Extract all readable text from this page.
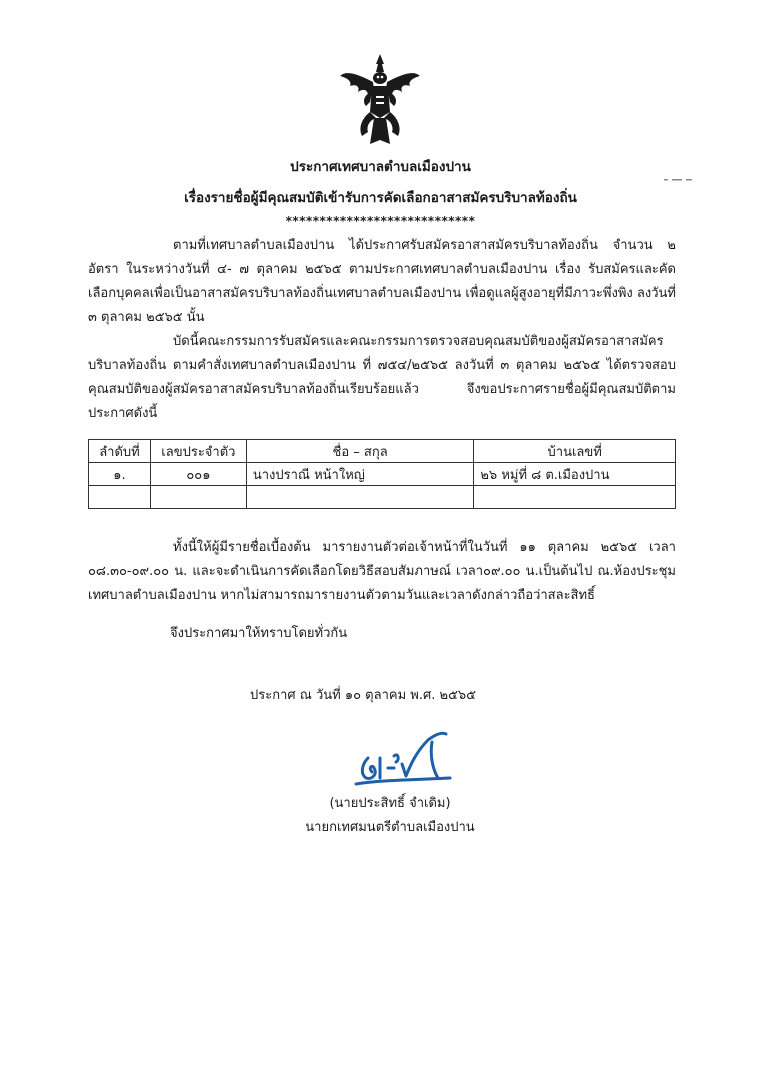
ประกาศเทศบาลตำบลเมืองปาน
เรื่องรายชื่อผู้มีคุณสมบัติเข้ารับการคัดเลือกอาสาสมัครบริบาลท้องถิ่น
****************************
ตามที่เทศบาลตำบลเมืองปาน ได้ประกาศรับสมัครอาสาสมัครบริบาลท้องถิ่น จำนวน ๒ อัตรา ในระหว่างวันที่ ๔- ๗ ตุลาคม ๒๕๖๕ ตามประกาศเทศบาลตำบลเมืองปาน เรื่อง รับสมัครและคัดเลือกบุคคลเพื่อเป็นอาสาสมัครบริบาลท้องถิ่นเทศบาลตำบลเมืองปาน เพื่อดูแลผู้สูงอายุที่มีภาวะพึ่งพิง ลงวันที่ ๓ ตุลาคม ๒๕๖๕ นั้น
บัดนี้คณะกรรมการรับสมัครและคณะกรรมการตรวจสอบคุณสมบัติของผู้สมัครอาสาสมัครบริบาลท้องถิ่น ตามคำสั่งเทศบาลตำบลเมืองปาน ที่ ๗๕๔/๒๕๖๕ ลงวันที่ ๓ ตุลาคม ๒๕๖๕ ได้ตรวจสอบคุณสมบัติของผู้สมัครอาสาสมัครบริบาลท้องถิ่นเรียบร้อยแล้ว จึงขอประกาศรายชื่อผู้มีคุณสมบัติตามประกาศดังนี้
ลำดับที่	เลขประจำตัว	ชื่อ – สกุล	บ้านเลขที่
๑.	๐๐๑	นางปราณี หน้าใหญ่	๒๖ หมู่ที่ ๘ ต.เมืองปาน

ทั้งนี้ให้ผู้มีรายชื่อเบื้องต้น มารายงานตัวต่อเจ้าหน้าที่ในวันที่ ๑๑ ตุลาคม ๒๕๖๕ เวลา ๐๘.๓๐-๐๙.๐๐ น. และจะดำเนินการคัดเลือกโดยวิธีสอบสัมภาษณ์ เวลา๐๙.๐๐ น.เป็นต้นไป ณ.ห้องประชุมเทศบาลตำบลเมืองปาน หากไม่สามารถมารายงานตัวตามวันและเวลาดังกล่าวถือว่าสละสิทธิ์
จึงประกาศมาให้ทราบโดยทั่วกัน
ประกาศ ณ วันที่ ๑๐ ตุลาคม พ.ศ. ๒๕๖๕
(นายประสิทธิ์ จำเดิม)
นายกเทศมนตรีตำบลเมืองปาน
